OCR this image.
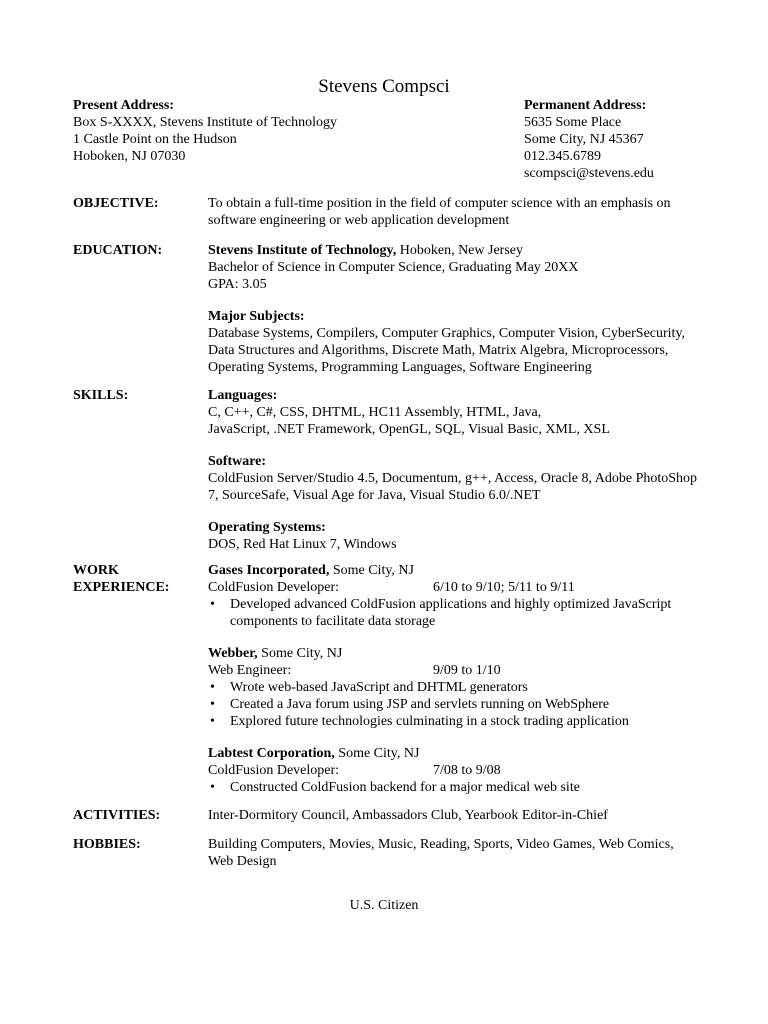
Stevens Compsci
Present Address:
Box S-XXXX, Stevens Institute of Technology
1 Castle Point on the Hudson
Hoboken, NJ 07030
Permanent Address:
5635 Some Place
Some City, NJ 45367
012.345.6789
scompsci@stevens.edu
OBJECTIVE:	To obtain a full-time position in the field of computer science with an emphasis on
software engineering or web application development
EDUCATION:	Stevens Institute of Technology, Hoboken, New Jersey
Bachelor of Science in Computer Science, Graduating May 20XX
GPA: 3.05
Major Subjects:
Database Systems, Compilers, Computer Graphics, Computer Vision, CyberSecurity,
Data Structures and Algorithms, Discrete Math, Matrix Algebra, Microprocessors,
Operating Systems, Programming Languages, Software Engineering
SKILLS:	Languages:
C, C++, C#, CSS, DHTML, HC11 Assembly, HTML, Java,
JavaScript, .NET Framework, OpenGL, SQL, Visual Basic, XML, XSL
Software:
ColdFusion Server/Studio 4.5, Documentum, g++, Access, Oracle 8, Adobe PhotoShop
7, SourceSafe, Visual Age for Java, Visual Studio 6.0/.NET
Operating Systems:
DOS, Red Hat Linux 7, Windows
WORK
EXPERIENCE:
Gases Incorporated, Some City, NJ
ColdFusion Developer:	6/10 to 9/10; 5/11 to 9/11
• Developed advanced ColdFusion applications and highly optimized JavaScript
components to facilitate data storage
Webber, Some City, NJ
Web Engineer:	9/09 to 1/10
• Wrote web-based JavaScript and DHTML generators
• Created a Java forum using JSP and servlets running on WebSphere
• Explored future technologies culminating in a stock trading application
Labtest Corporation, Some City, NJ
ColdFusion Developer:	7/08 to 9/08
• Constructed ColdFusion backend for a major medical web site
ACTIVITIES:	Inter-Dormitory Council, Ambassadors Club, Yearbook Editor-in-Chief
HOBBIES:	Building Computers, Movies, Music, Reading, Sports, Video Games, Web Comics,
Web Design
U.S. Citizen
